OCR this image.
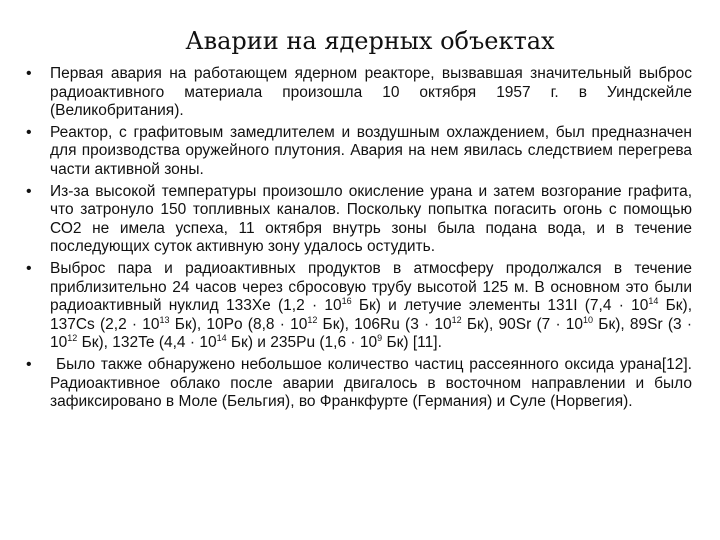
Аварии на ядерных объектах
•	Первая авария на работающем ядерном реакторе, вызвавшая значительный выброс радиоактивного материала произошла 10 октября 1957 г. в Уиндскейле (Великобритания).
•	Реактор, с графитовым замедлителем и воздушным охлаждением, был предназначен для производства оружейного плутония. Авария на нем явилась следствием перегрева части активной зоны.
•	Из-за высокой температуры произошло окисление урана и затем возгорание графита, что затронуло 150 топливных каналов. Поскольку попытка погасить огонь с помощью СО2 не имела успеха, 11 октября внутрь зоны была подана вода, и в течение последующих суток активную зону удалось остудить.
•	Выброс пара и радиоактивных продуктов в атмосферу продолжался в течение приблизительно 24 часов через сбросовую трубу высотой 125 м. В основном это были радиоактивный нуклид 133Хе ($1,2 \cdot 10^{16}$ Бк) и летучие элементы 131I ($7,4 \cdot 10^{14}$ Бк), 137Cs ($2,2 \cdot 10^{13}$ Бк), 10Po ($8,8 \cdot 10^{12}$ Бк), 106Ru ($3 \cdot 10^{12}$ Бк), 90Sr ($7 \cdot 10^{10}$ Бк), 89Sr ($3 \cdot 10^{12}$ Бк), 132Te ($4,4 \cdot 10^{14}$ Бк) и 235Pu ($1,6 \cdot 10^9$ Бк) [11].
•	Было также обнаружено небольшое количество частиц рассеянного оксида урана[12]. Радиоактивное облако после аварии двигалось в восточном направлении и было зафиксировано в Моле (Бельгия), во Франкфурте (Германия) и Суле (Норвегия).
